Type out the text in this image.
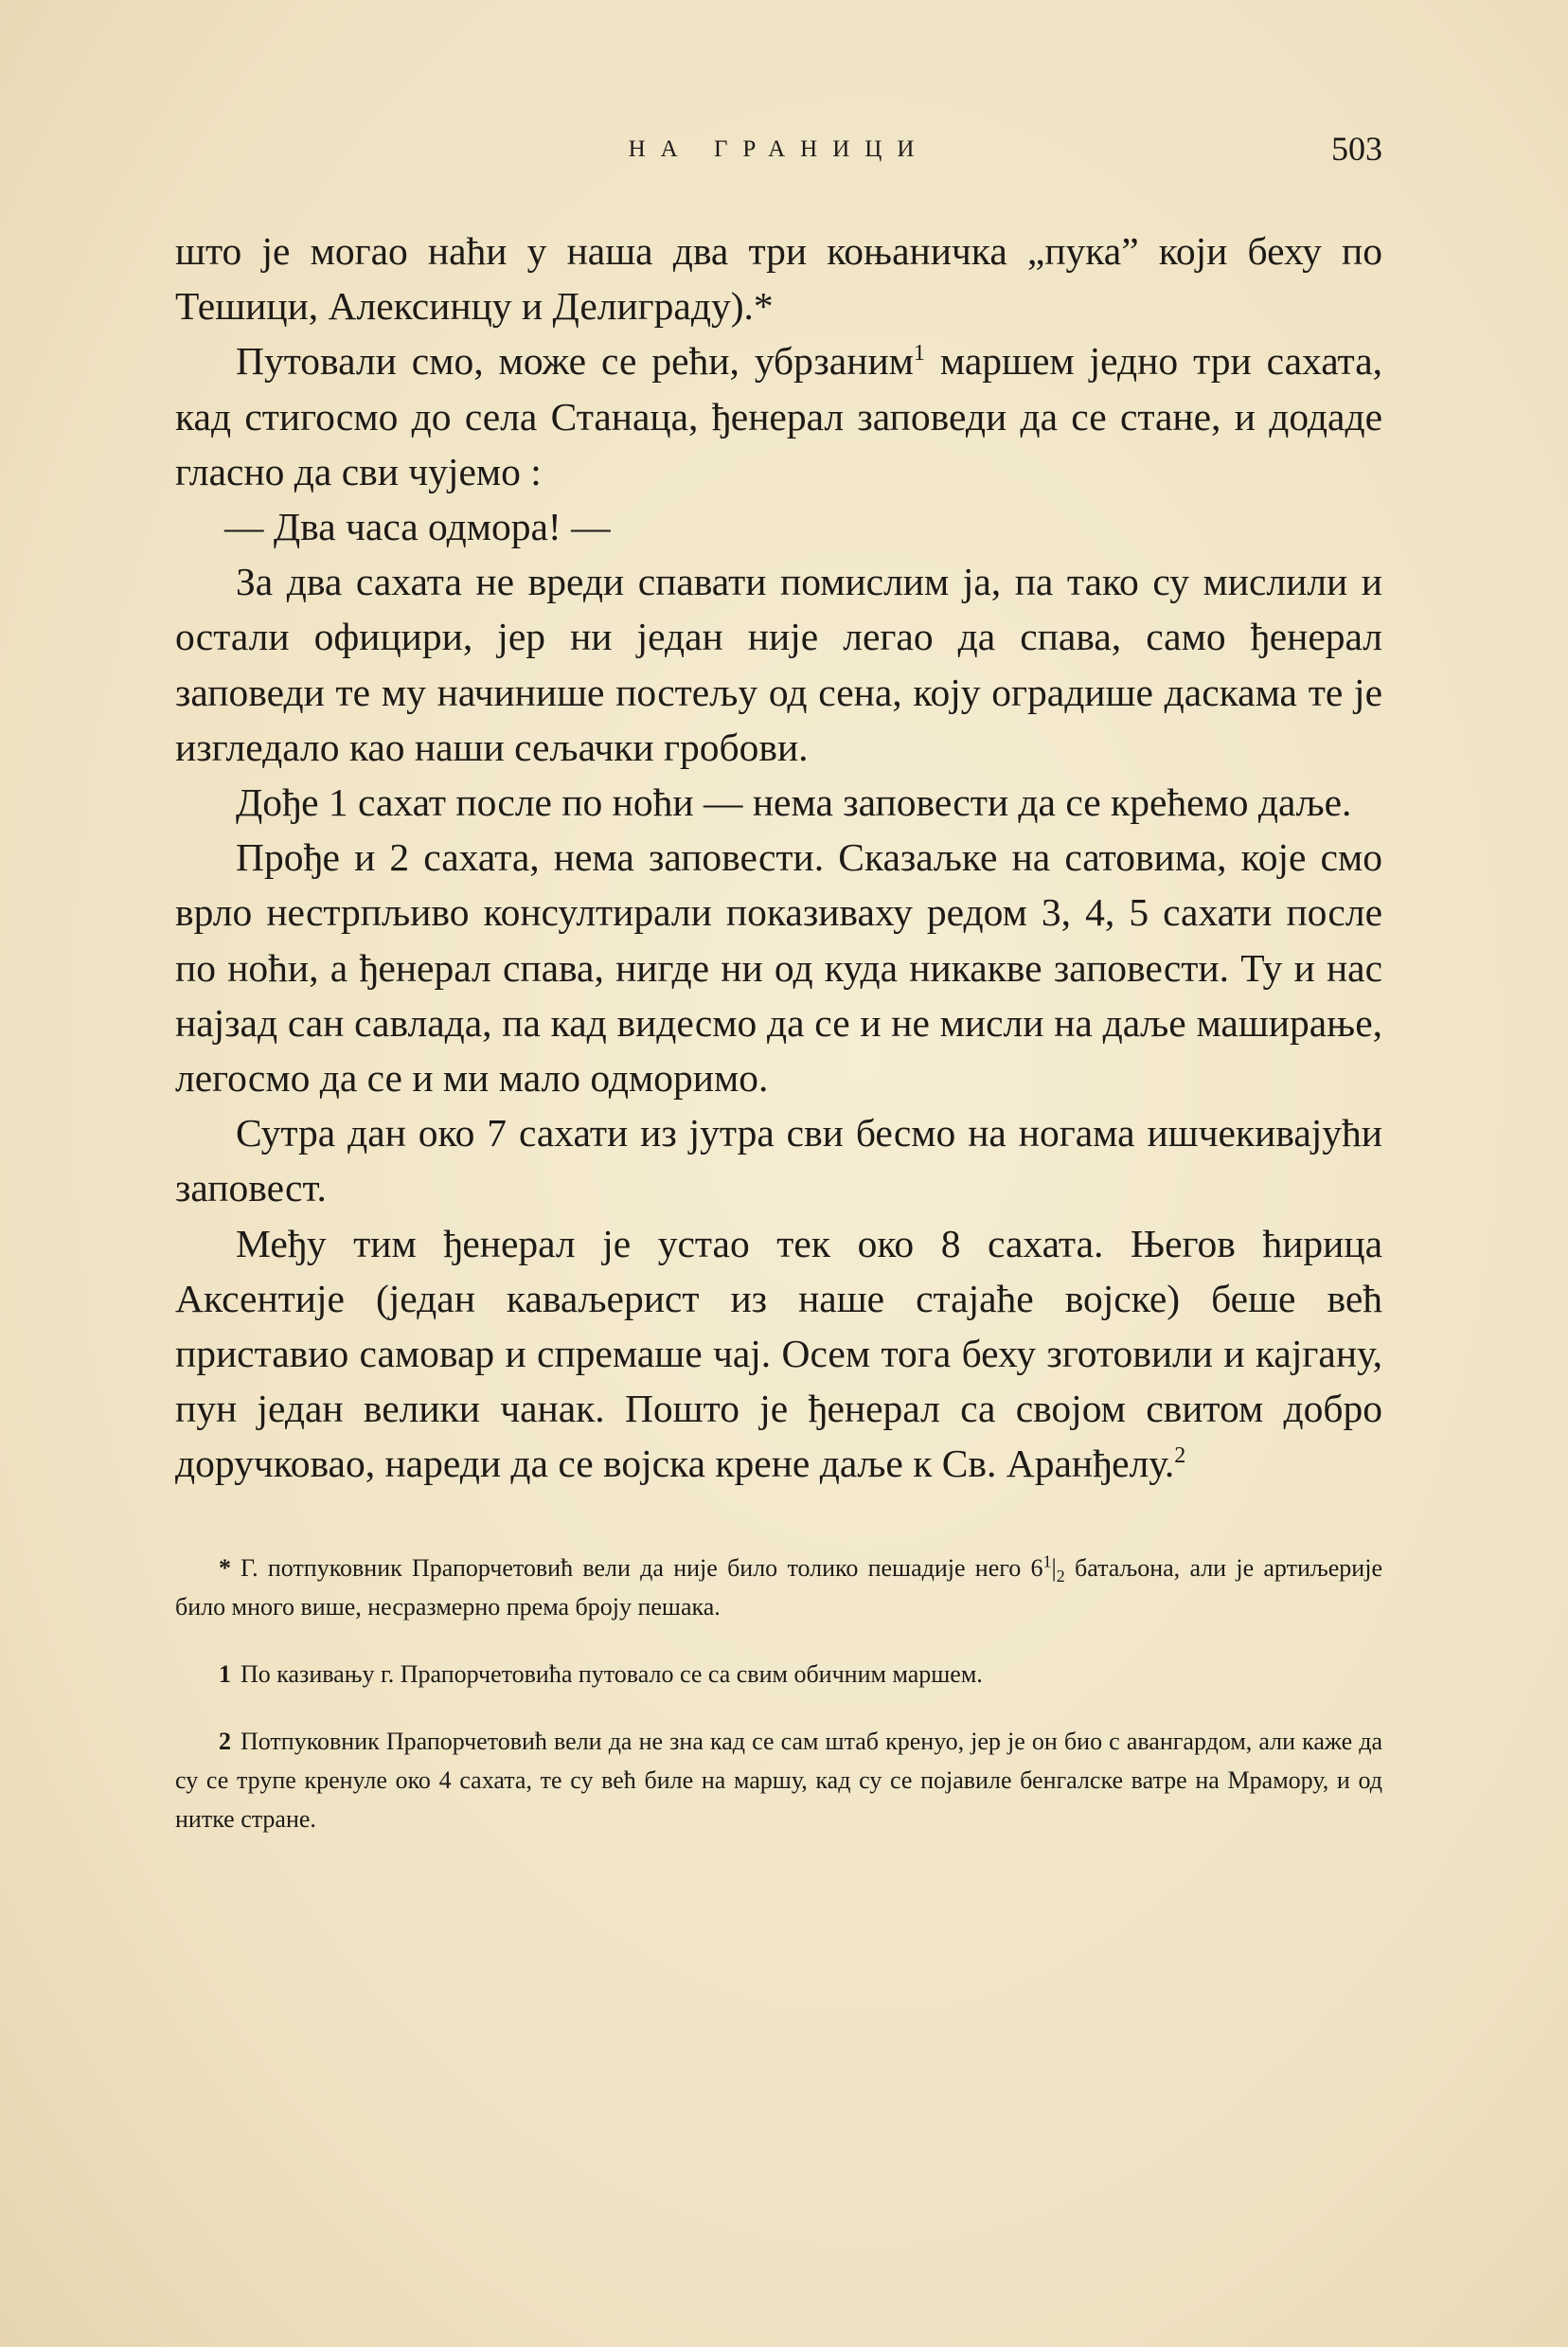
НА ГРАНИЦИ	503

што је могао наћи у наша два три коњаничка „пука” који беху по Тешици, Алексинцу и Делиграду).*

Путовали смо, може се рећи, убрзаним$^1$ маршем једно три сахата, кад стигосмо до села Станаца, ђенерал заповеди да се стане, и додаде гласно да сви чујемо :

— Два часа одмора! —

За два сахата не вреди спавати помислим ја, па тако су мислили и остали официри, јер ни један није легао да спава, само ђенерал заповеди те му начинише постељу од сена, коју оградише даскама те је изгледало као наши сељачки гробови.

Дође 1 сахат после по ноћи — нема заповести да се крећемо даље.

Прође и 2 сахата, нема заповести. Сказаљке на сатовима, које смо врло нестрпљиво консултирали показиваху редом 3, 4, 5 сахати после по ноћи, а ђенерал спава, нигде ни од куда никакве заповести. Ту и нас најзад сан савлада, па кад видесмо да се и не мисли на даље маширање, легосмо да се и ми мало одморимо.

Сутра дан око 7 сахати из јутра сви бесмо на ногама ишчекивајући заповест.

Међу тим ђенерал је устао тек око 8 сахата. Његов ћирица Аксентије (један каваљерист из наше стајаће војске) беше већ приставио самовар и спремаше чај. Осем тога беху зготовили и кајгану, пун један велики чанак. Пошто је ђенерал са својом свитом добро доручковао, нареди да се војска крене даље к Св. Аранђелу.$^2$

* Г. потпуковник Прапорчетовић вели да није било толико пешадије него $6^1|_2$ батаљона, али је артиљерије било много више, несразмерно према броју пешака.

1 По казивању г. Прапорчетовића путовало се са свим обичним маршем.

2 Потпуковник Прапорчетовић вели да не зна кад се сам штаб кренуо, јер је он био с авангардом, али каже да су се трупе кренуле око 4 сахата, те су већ биле на маршу, кад су се појавиле бенгалске ватре на Мрамору, и од нитке стране.
